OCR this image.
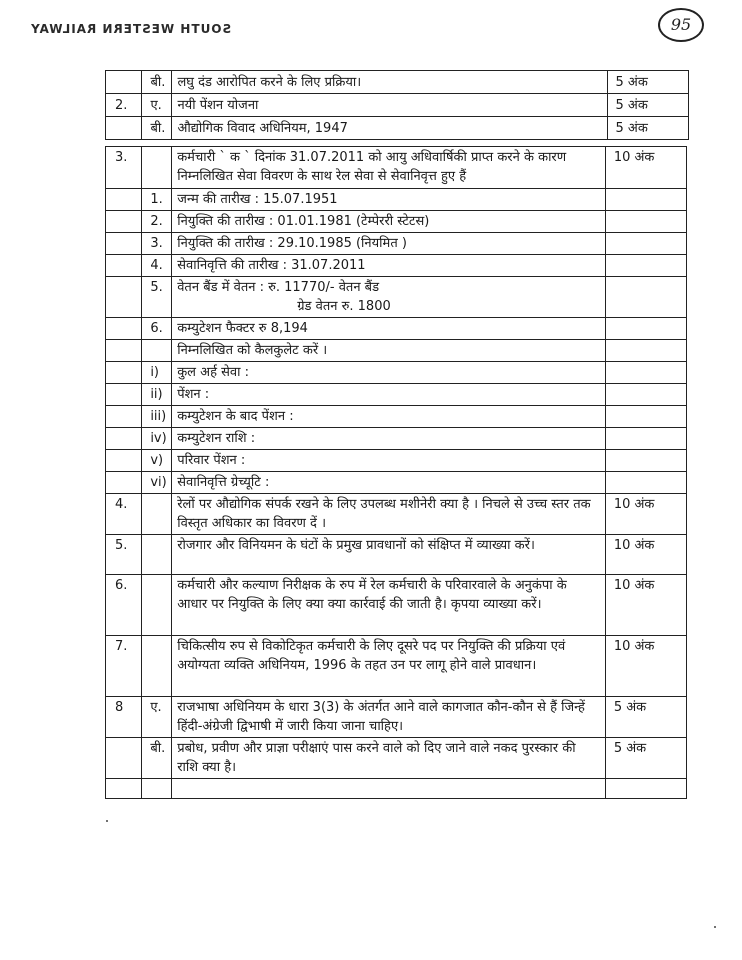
SOUTH WESTERN RAILWAY	95
	बी.	लघु दंड आरोपित करने के लिए प्रक्रिया।	5 अंक
2.	ए.	नयी पेंशन योजना	5 अंक
	बी.	औद्योगिक विवाद अधिनियम, 1947	5 अंक
3.		कर्मचारी ` क ` दिनांक 31.07.2011 को आयु अधिवार्षिकी प्राप्त करने के कारण निम्नलिखित सेवा विवरण के साथ रेल सेवा से सेवानिवृत्त हुए हैं	10 अंक
	1.	जन्म की तारीख : 15.07.1951	
	2.	नियुक्ति की तारीख : 01.01.1981 (टेम्पेररी स्टेटस)	
	3.	नियुक्ति की तारीख : 29.10.1985 (नियमित )	
	4.	सेवानिवृत्ति की तारीख : 31.07.2011	
	5.	वेतन बैंड में वेतन : रु. 11770/- वेतन बैंड
ग्रेड वेतन रु. 1800	

	6.	कम्युटेशन फैक्टर रु 8,194	
		निम्नलिखित को कैलकुलेट करें ।	
	i)	कुल अर्ह सेवा :	
	ii)	पेंशन :	
	iii)	कम्युटेशन के बाद पेंशन :	
	iv)	कम्युटेशन राशि :	
	v)	परिवार पेंशन :	
	vi)	सेवानिवृत्ति ग्रेच्यूटि :	
4.		रेलों पर औद्योगिक संपर्क रखने के लिए उपलब्ध मशीनेरी क्या है । निचले से उच्च स्तर तक विस्तृत अधिकार का विवरण दें ।	10 अंक
5.		रोजगार और विनियमन के घंटों के प्रमुख प्रावधानों को संक्षिप्त में व्याख्या करें।	10 अंक
6.		कर्मचारी और कल्याण निरीक्षक के रुप में रेल कर्मचारी के परिवारवाले के अनुकंपा के आधार पर नियुक्ति के लिए क्या क्या कार्रवाई की जाती है। कृपया व्याख्या करें।	10 अंक
7.		चिकित्सीय रुप से विकोटिकृत कर्मचारी के लिए दूसरे पद पर नियुक्ति की प्रक्रिया एवं अयोग्यता व्यक्ति अधिनियम, 1996 के तहत उन पर लागू होने वाले प्रावधान।	10 अंक
8	ए.	राजभाषा अधिनियम के धारा 3(3) के अंतर्गत आने वाले कागजात कौन-कौन से हैं जिन्हें हिंदी-अंग्रेजी द्विभाषी में जारी किया जाना चाहिए।	5 अंक
	बी.	प्रबोध, प्रवीण और प्राज्ञा परीक्षाएं पास करने वाले को दिए जाने वाले नकद पुरस्कार की राशि क्या है।	5 अंक
